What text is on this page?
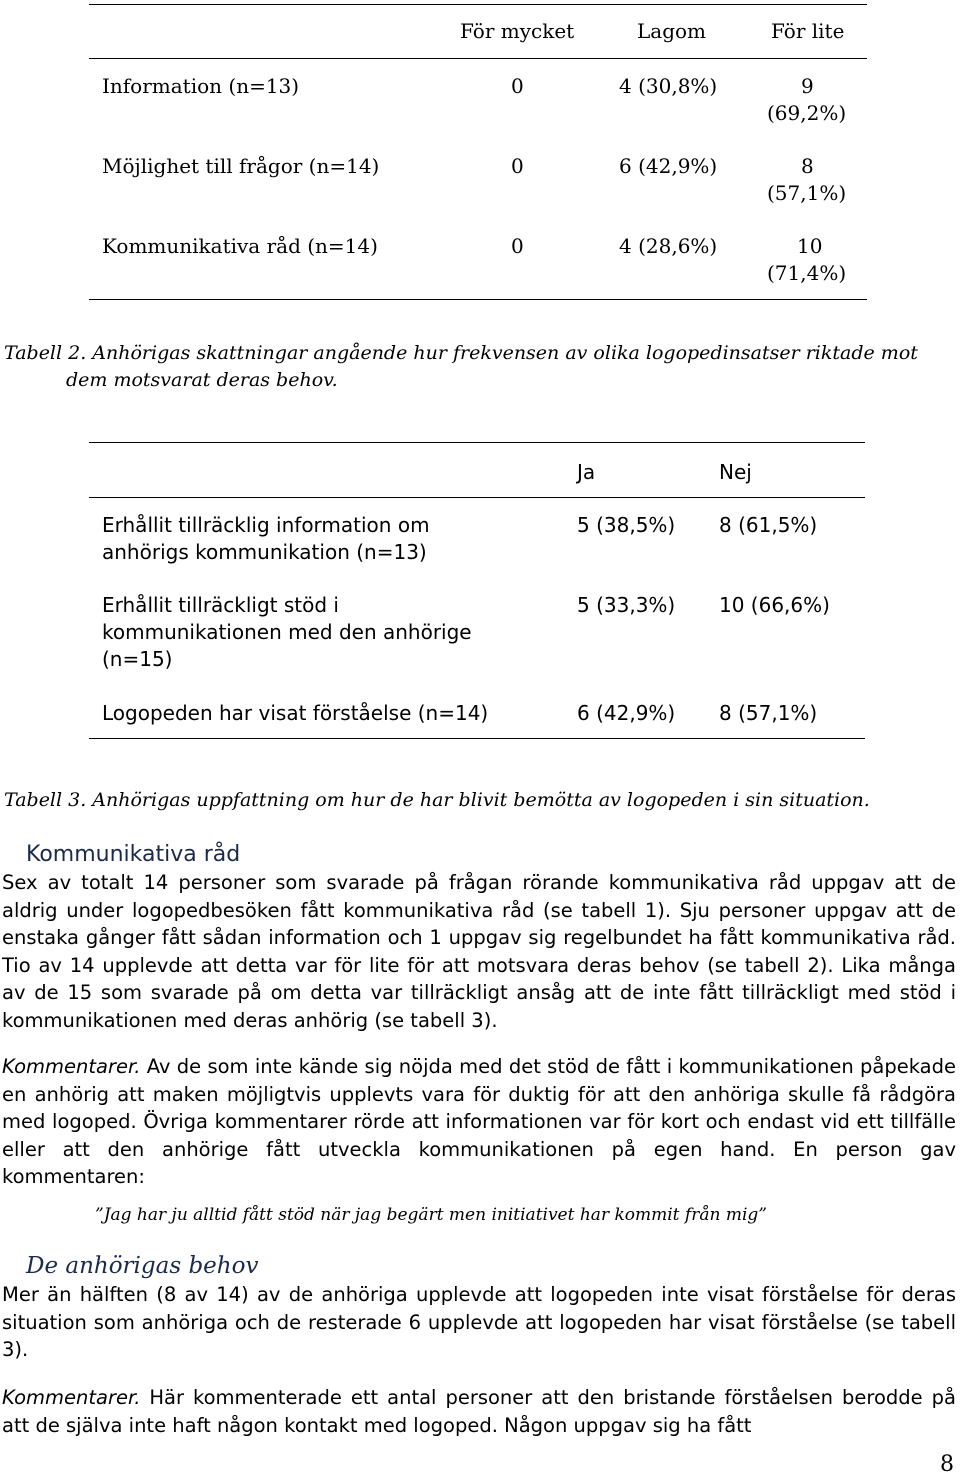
För mycket	Lagom	För lite
Information (n=13)	0	4 (30,8%)	9
(69,2%)
Möjlighet till frågor (n=14)	0	6 (42,9%)	8
(57,1%)
Kommunikativa råd (n=14)	0	4 (28,6%)	10
(71,4%)
Tabell 2. Anhörigas skattningar angående hur frekvensen av olika logopedinsatser riktade mot
dem motsvarat deras behov.
Ja	Nej
Erhållit tillräcklig information om
anhörigs kommunikation (n=13)
5 (38,5%) 8 (61,5%)
Erhållit tillräckligt stöd i
kommunikationen med den anhörige
(n=15)
5 (33,3%) 10 (66,6%)
Logopeden har visat förståelse (n=14)	6 (42,9%) 8 (57,1%)
Tabell 3. Anhörigas uppfattning om hur de har blivit bemötta av logopeden i sin situation.
Kommunikativa råd
Sex av totalt 14 personer som svarade på frågan rörande kommunikativa råd uppgav att de aldrig under logopedbesöken fått kommunikativa råd (se tabell 1). Sju personer uppgav att de enstaka gånger fått sådan information och 1 uppgav sig regelbundet ha fått kommunikativa råd. Tio av 14 upplevde att detta var för lite för att motsvara deras behov (se tabell 2). Lika många av de 15 som svarade på om detta var tillräckligt ansåg att de inte fått tillräckligt med stöd i kommunikationen med deras anhörig (se tabell 3).
Kommentarer. Av de som inte kände sig nöjda med det stöd de fått i kommunikationen påpekade en anhörig att maken möjligtvis upplevts vara för duktig för att den anhöriga skulle få rådgöra med logoped. Övriga kommentarer rörde att informationen var för kort och endast vid ett tillfälle eller att den anhörige fått utveckla kommunikationen på egen hand. En person gav kommentaren:
”Jag har ju alltid fått stöd när jag begärt men initiativet har kommit från mig”
De anhörigas behov
Mer än hälften (8 av 14) av de anhöriga upplevde att logopeden inte visat förståelse för deras situation som anhöriga och de resterade 6 upplevde att logopeden har visat förståelse (se tabell 3).
Kommentarer. Här kommenterade ett antal personer att den bristande förståelsen berodde på att de själva inte haft någon kontakt med logoped. Någon uppgav sig ha fått
8
